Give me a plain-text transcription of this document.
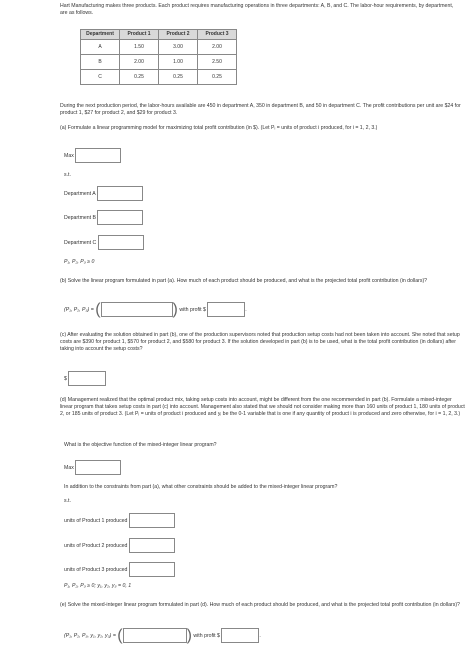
Hart Manufacturing makes three products. Each product requires manufacturing operations in three departments: A, B, and C. The labor-hour requirements, by department, are as follows.
Department	Product 1	Product 2	Product 3
A	1.50	3.00	2.00
B	2.00	1.00	2.50
C	0.25	0.25	0.25
During the next production period, the labor-hours available are 450 in department A, 350 in department B, and 50 in department C. The profit contributions per unit are $24 for product 1, $27 for product 2, and $29 for product 3.
(a) Formulate a linear programming model for maximizing total profit contribution (in $). (Let Pᵢ = units of product i produced, for i = 1, 2, 3.)
Max
s.t.
Department A
Department B
Department C
P₁, P₂, P₃ ≥ 0
(b) Solve the linear program formulated in part (a). How much of each product should be produced, and what is the projected total profit contribution (in dollars)?
(P₁, P₂, P₃) = (	) with profit $	.
(c) After evaluating the solution obtained in part (b), one of the production supervisors noted that production setup costs had not been taken into account. She noted that setup costs are $390 for product 1, $570 for product 2, and $580 for product 3. If the solution developed in part (b) is to be used, what is the total profit contribution (in dollars) after taking into account the setup costs?
$
(d) Management realized that the optimal product mix, taking setup costs into account, might be different from the one recommended in part (b). Formulate a mixed-integer linear program that takes setup costs in part (c) into account. Management also stated that we should not consider making more than 160 units of product 1, 180 units of product 2, or 185 units of product 3. (Let Pᵢ = units of product i produced and yᵢ be the 0-1 variable that is one if any quantity of product i is produced and zero otherwise, for i = 1, 2, 3.)
What is the objective function of the mixed-integer linear program?
Max
In addition to the constraints from part (a), what other constraints should be added to the mixed-integer linear program?
s.t.
units of Product 1 produced
units of Product 2 produced
units of Product 3 produced
P₁, P₂, P₃ ≥ 0; y₁, y₂, y₃ = 0, 1
(e) Solve the mixed-integer linear program formulated in part (d). How much of each product should be produced, and what is the projected total profit contribution (in dollars)?
(P₁, P₂, P₃, y₁, y₂, y₃) = (	) with profit $	.
